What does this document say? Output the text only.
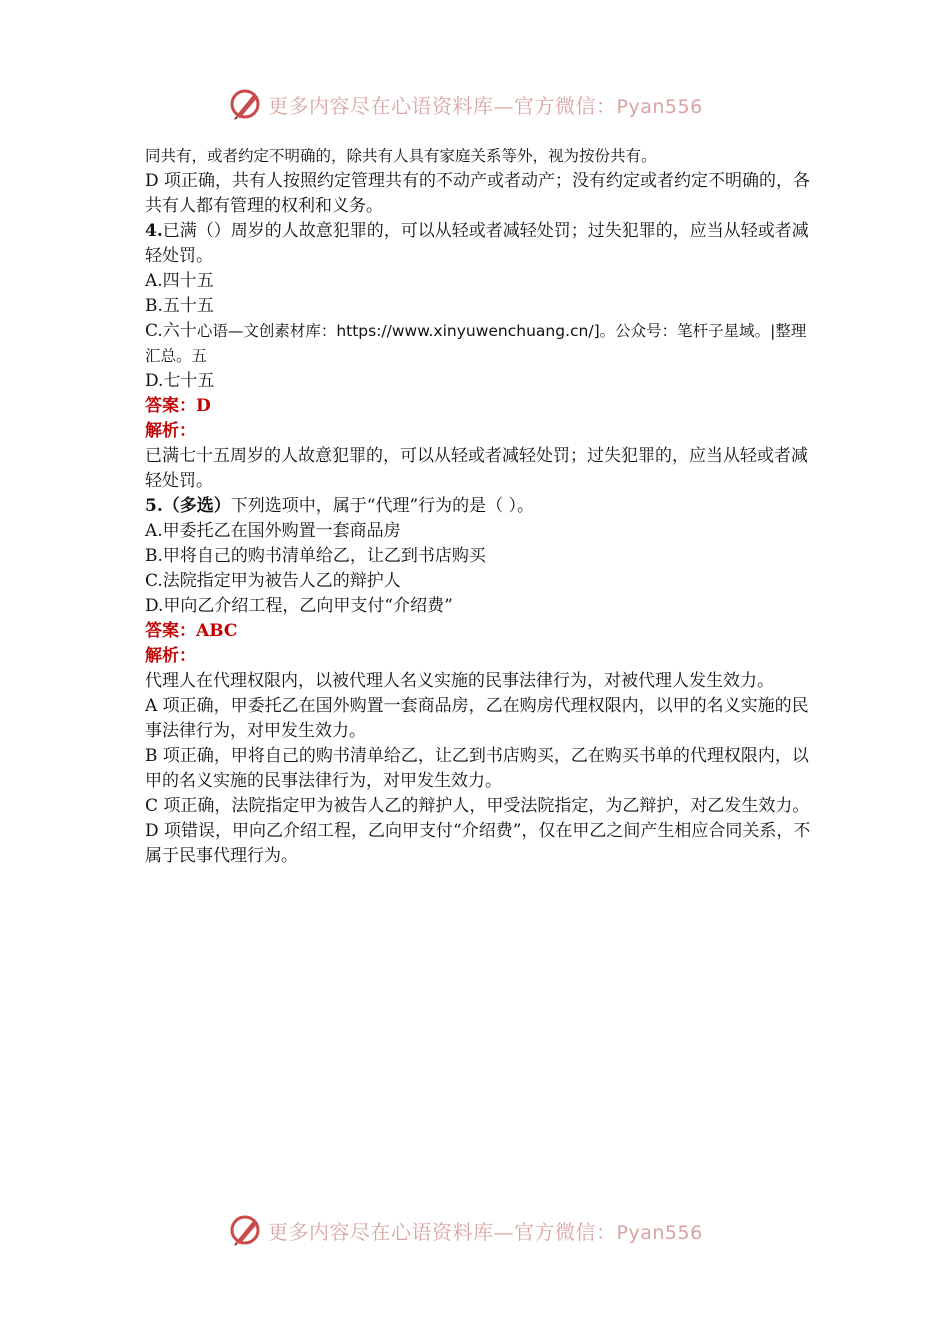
更多内容尽在心语资料库—官方微信：Pyan556

同共有，或者约定不明确的，除共有人具有家庭关系等外，视为按份共有。

D 项正确，共有人按照约定管理共有的不动产或者动产；没有约定或者约定不明确的，各共有人都有管理的权利和义务。

4.已满（）周岁的人故意犯罪的，可以从轻或者减轻处罚；过失犯罪的，应当从轻或者减轻处罚。

A.四十五

B.五十五

C.六十心语—文创素材库：https://www.xinyuwenchuang.cn/]。公众号：笔杆子星域。|整理汇总。五

D.七十五

答案：D

解析：

已满七十五周岁的人故意犯罪的，可以从轻或者减轻处罚；过失犯罪的，应当从轻或者减轻处罚。

5.（多选）下列选项中，属于“代理”行为的是（ ）。

A.甲委托乙在国外购置一套商品房

B.甲将自己的购书清单给乙，让乙到书店购买

C.法院指定甲为被告人乙的辩护人

D.甲向乙介绍工程，乙向甲支付“介绍费”

答案：ABC

解析：

代理人在代理权限内，以被代理人名义实施的民事法律行为，对被代理人发生效力。

A 项正确，甲委托乙在国外购置一套商品房，乙在购房代理权限内，以甲的名义实施的民事法律行为，对甲发生效力。

B 项正确，甲将自己的购书清单给乙，让乙到书店购买，乙在购买书单的代理权限内，以甲的名义实施的民事法律行为，对甲发生效力。

C 项正确，法院指定甲为被告人乙的辩护人，甲受法院指定，为乙辩护，对乙发生效力。

D 项错误，甲向乙介绍工程，乙向甲支付“介绍费”，仅在甲乙之间产生相应合同关系，不属于民事代理行为。

更多内容尽在心语资料库—官方微信：Pyan556
